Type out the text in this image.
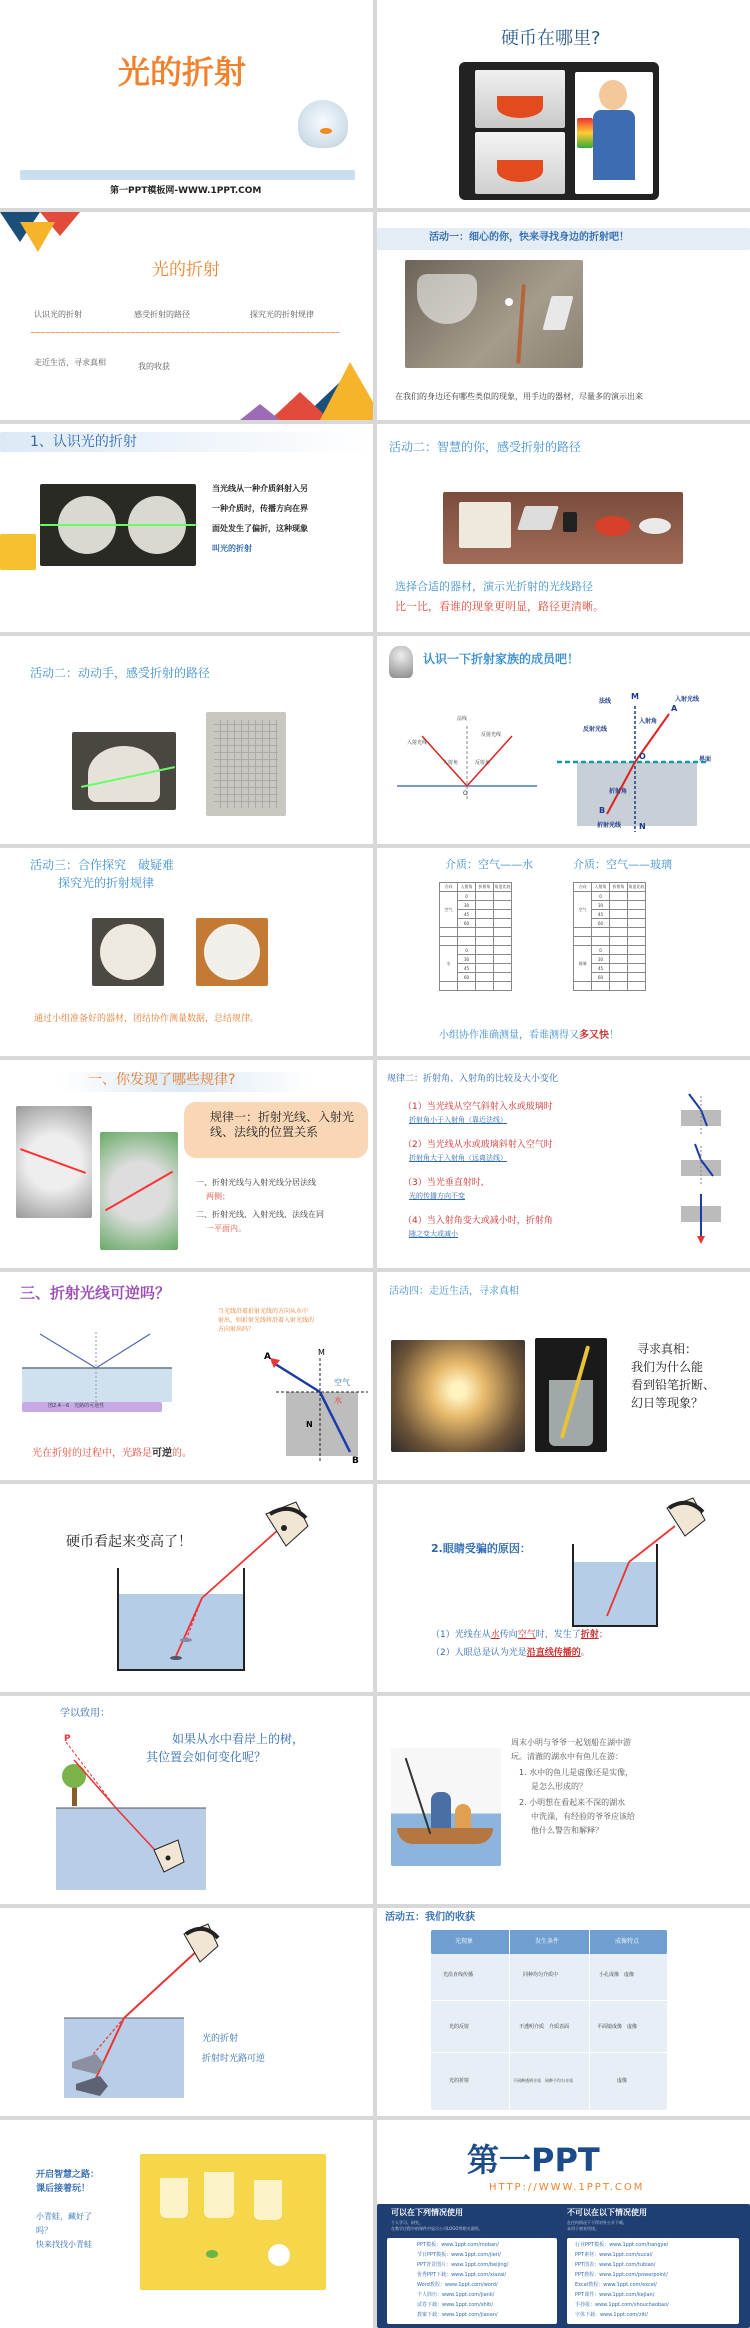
光的折射
第一PPT模板网-WWW.1PPT.COM
硬币在哪里?
光的折射
认识光的折射	感受折射的路径	探究光的折射规律
走近生活，寻求真相	我的收获
活动一：细心的你，快来寻找身边的折射吧！
在我们的身边还有哪些类似的现象，用手边的器材，尽量多的演示出来
1、认识光的折射
当光线从一种介质斜射入另
一种介质时，传播方向在界
面处发生了偏折，这种现象
叫光的折射
活动二：智慧的你，感受折射的路径
选择合适的器材，演示光折射的光线路径
比一比，看谁的现象更明显，路径更清晰。
活动二：动动手，感受折射的路径
认识一下折射家族的成员吧！
入射光线
法线
反射光线
入射角	反射角
O
法线
M
A
入射光线
入射角
反射光线
O	界面
B
折射角
折射光线 N
活动三：合作探究　破疑难
探究光的折射规律
通过小组准备好的器材，团结协作测量数据，总结规律。
介质：空气——水	介质：空气——玻璃
方向	入射角	折射角	角度比较
空气	0		
	30		
	45		
	60		

水	0		
	30		
	45		
	60		

方向	入射角	折射角	角度比较
空气	0		
	30		
	45		
	60		

玻璃	0		
	30		
	45		
	60		

小组协作准确测量，看谁测得又多又快！
一、你发现了哪些规律?
规律一：折射光线、入射光线、法线的位置关系
一、折射光线与入射光线分居法线
两侧；
二、折射光线、入射光线、法线在同
一平面内。
规律二：折射角、入射角的比较及大小变化
（1）当光线从空气斜射入水或玻璃时
折射角小于入射角（靠近法线）
（2）当光线从水或玻璃斜射入空气时
折射角大于入射角（远离法线）
（3）当光垂直射时,
光的传播方向不变
（4）当入射角变大或减小时，折射角
随之变大或减小
三、折射光线可逆吗？
当光线沿着折射光线的方向从水中
射出，则折射光线将沿着入射光线的
方向射出吗？
图2.4－6　光路的可逆性
A	M
空气
水
N
B
光在折射的过程中，光路是可逆的。
活动四：走近生活，寻求真相
寻求真相：
我们为什么能
看到铅笔折断、
幻日等现象？
硬币看起来变高了！	2.眼睛受骗的原因：
（1）光线在从水传向空气时，发生了折射；
（2）人眼总是认为光是沿直线传播的。
学以致用：
如果从水中看岸上的树，
其位置会如何变化呢？
P	周末小明与爷爷一起划船在湖中游
玩。清澈的湖水中有鱼儿在游：
1. 水中的鱼儿是虚像还是实像，
是怎么形成的？
2. 小明想在看起来不深的湖水
中洗澡，有经验的爷爷应该给
他什么警告和解释？
光的折射
折射时光路可逆
活动五：我们的收获
光现象	发生条件	成像特点
光沿直线传播	同种均匀介质中	小孔成像　虚像
光的反射	不透明介质　介质表面	平面镜成像　虚像
光的折射	不同种透明介质　同种不均匀介质	虚像
开启智慧之路：
课后接着玩！
小青蛙，藏好了
吗？
快来找找小青蛙
第一PPT
HTTP://WWW.1PPT.COM
可以在下列情况使用
个人学习、研究。
在教学过程中的课件中显示公司LOGO等相关说明。
不可以在以下情况使用
在任何情况下不得对外公开下载。
未用于商业用途。
PPT模板：www.1ppt.com/moban/
节日PPT模板：www.1ppt.com/jieri/
PPT背景图片：www.1ppt.com/beijing/
优秀PPT下载：www.1ppt.com/xiazai/
Word教程：www.1ppt.com/word/
个人简历：www.1ppt.com/jianli/
试卷下载：www.1ppt.com/shiti/
教案下载：www.1ppt.com/jiaoan/
行业PPT模板：www.1ppt.com/hangye/
PPT素材：www.1ppt.com/sucai/
PPT图表：www.1ppt.com/tubiao/
PPT教程：www.1ppt.com/powerpoint/
Excel教程：www.1ppt.com/excel/
PPT课件：www.1ppt.com/kejian/
手抄报：www.1ppt.com/shouchaobao/
字体下载：www.1ppt.com/ziti/
